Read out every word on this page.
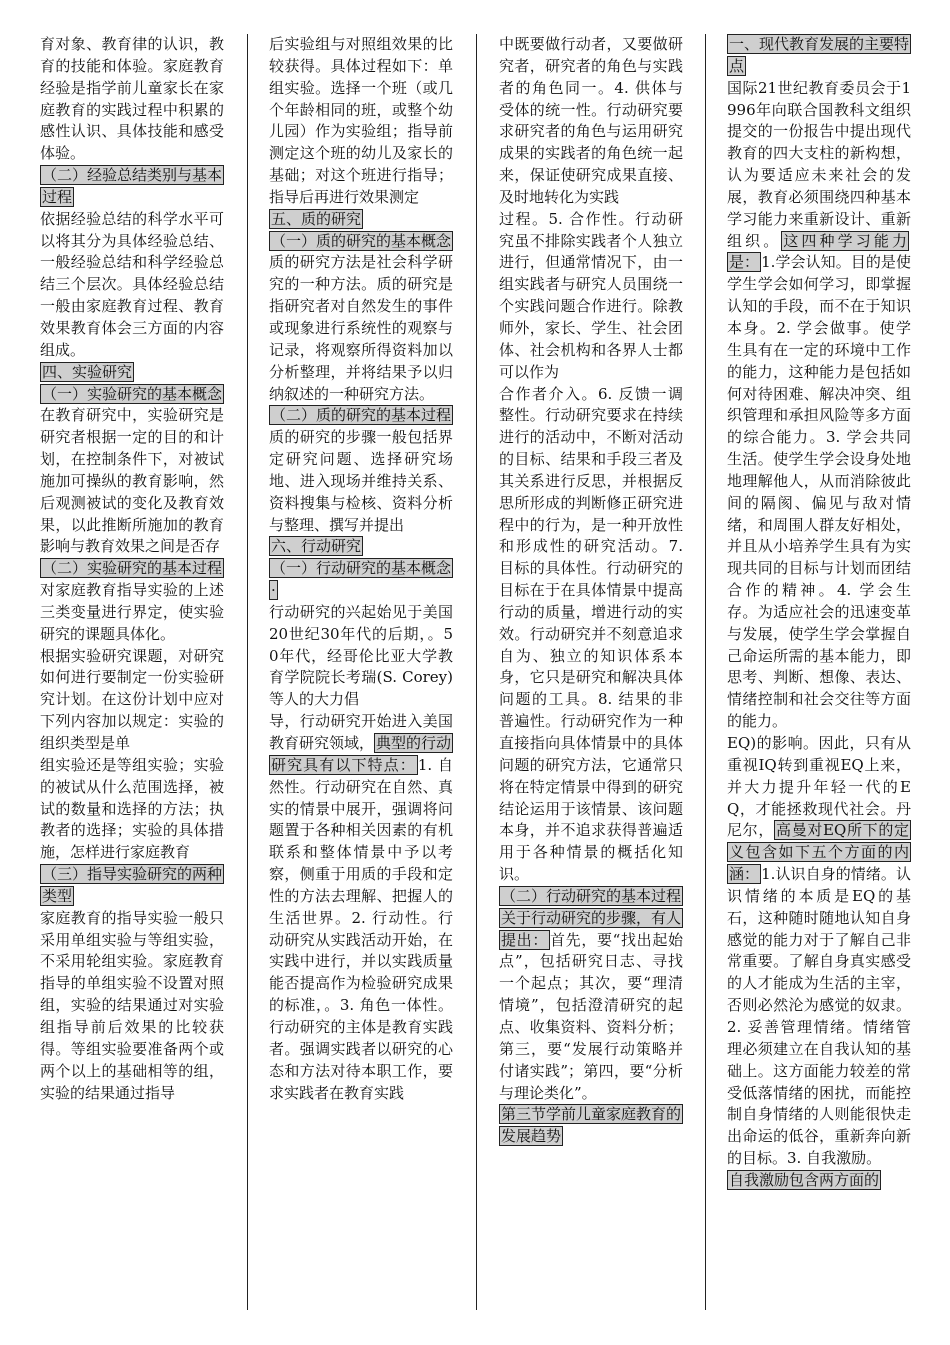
育对象、教育律的认识，教育的技能和体验。家庭教育经验是指学前儿童家长在家庭教育的实践过程中积累的感性认识、具体技能和感受体验。

（二）经验总结类别与基本过程

依据经验总结的科学水平可以将其分为具体经验总结、一般经验总结和科学经验总结三个层次。具体经验总结一般由家庭教育过程、教育效果教育体会三方面的内容组成。

四、实验研究

（一）实验研究的基本概念

在教育研究中，实验研究是研究者根据一定的目的和计划，在控制条件下，对被试施加可操纵的教育影响，然后观测被试的变化及教育效果，以此推断所施加的教育影响与教育效果之间是否存

（二）实验研究的基本过程

对家庭教育指导实验的上述三类变量进行界定，使实验研究的课题具体化。

根据实验研究课题，对研究如何进行要制定一份实验研究计划。在这份计划中应对下列内容加以规定：实验的组织类型是单

组实验还是等组实验；实验的被试从什么范围选择，被试的数量和选择的方法；执教者的选择；实验的具体措施，怎样进行家庭教育

（三）指导实验研究的两种类型

家庭教育的指导实验一般只采用单组实验与等组实验，不采用轮组实验。家庭教育指导的单组实验不设置对照组，实验的结果通过对实验组指导前后效果的比较获得。等组实验要准备两个或两个以上的基础相等的组，实验的结果通过指导

后实验组与对照组效果的比较获得。具体过程如下：单组实验。选择一个班（或几个年龄相同的班，或整个幼儿园）作为实验组；指导前测定这个班的幼儿及家长的基础；对这个班进行指导；指导后再进行效果测定

五、质的研究

（一）质的研究的基本概念

质的研究方法是社会科学研究的一种方法。质的研究是指研究者对自然发生的事件或现象进行系统性的观察与记录，将观察所得资料加以分析整理，并将结果予以归纳叙述的一种研究方法。

（二）质的研究的基本过程

质的研究的步骤一般包括界定研究问题、选择研究场地、进入现场并维持关系、资料搜集与检核、资料分析与整理、撰写并提出

六、行动研究

（一）行动研究的基本概念·

行动研究的兴起始见于美国20世纪30年代的后期，。50年代，经哥伦比亚大学教育学院院长考瑞(S. Corey)等人的大力倡

导，行动研究开始进入美国教育研究领域， 典型的行动研究具有以下特点： 1. 自然性。行动研究在自然、真实的情景中展开，强调将问题置于各种相关因素的有机联系和整体情景中予以考察，侧重于用质的手段和定性的方法去理解、把握人的生活世界。2. 行动性。行动研究从实践活动开始，在实践中进行，并以实践质量能否提高作为检验研究成果的标准，。3. 角色一体性。行动研究的主体是教育实践者。强调实践者以研究的心态和方法对待本职工作，要求实践者在教育实践

中既要做行动者，又要做研究者，研究者的角色与实践者的角色同一。4. 供体与受体的统一性。行动研究要求研究者的角色与运用研究成果的实践者的角色统一起来，保证使研究成果直接、及时地转化为实践

过程。5. 合作性。行动研究虽不排除实践者个人独立进行，但通常情况下，由一组实践者与研究人员围绕一个实践问题合作进行。除教师外，家长、学生、社会团体、社会机构和各界人士都可以作为

合作者介入。6. 反馈一调整性。行动研究要求在持续进行的活动中，不断对活动的目标、结果和手段三者及其关系进行反思，并根据反思所形成的判断修正研究进程中的行为，是一种开放性和形成性的研究活动。7. 目标的具体性。行动研究的目标在于在具体情景中提高行动的质量，增进行动的实效。行动研究并不刻意追求自为、独立的知识体系本身，它只是研究和解决具体问题的工具。8. 结果的非普遍性。行动研究作为一种直接指向具体情景中的具体问题的研究方法，它通常只将在特定情景中得到的研究结论运用于该情景、该问题本身，并不追求获得普遍适用于各种情景的概括化知识。

（二）行动研究的基本过程

关于行动研究的步骤，有人提出： 首先，要“找出起始点”，包括研究日志、寻找一个起点；其次，要“理清情境”，包括澄清研究的起点、收集资料、资料分析；第三，要“发展行动策略并付诸实践”；第四，要“分析与理论类化”。

第三节学前儿童家庭教育的发展趋势

一、现代教育发展的主要特点

国际21世纪教育委员会于1996年向联合国教科文组织提交的一份报告中提出现代教育的四大支柱的新构想，认为要适应未来社会的发展，教育必须围绕四种基本学习能力来重新设计、重新组织。 这四种学习能力是： 1.学会认知。目的是使学生学会如何学习，即掌握认知的手段，而不在于知识本身。2. 学会做事。使学生具有在一定的环境中工作的能力，这种能力是包括如何对待困难、解决冲突、组织管理和承担风险等多方面的综合能力。3. 学会共同生活。使学生学会设身处地地理解他人，从而消除彼此间的隔阂、偏见与敌对情绪，和周围人群友好相处，并且从小培养学生具有为实现共同的目标与计划而团结合作的精神。4. 学会生存。为适应社会的迅速变革与发展，使学生学会掌握自己命运所需的基本能力，即思考、判断、想像、表达、情绪控制和社会交往等方面的能力。

EQ)的影响。因此，只有从重视IQ转到重视EQ上来，并大力提升年轻一代的EQ，才能拯救现代社会。丹尼尔， 高曼对EQ所下的定义包含如下五个方面的内涵： 1.认识自身的情绪。认识情绪的本质是EQ的基石，这种随时随地认知自身感觉的能力对于了解自己非常重要。了解自身真实感受的人才能成为生活的主宰，否则必然沦为感觉的奴隶。2. 妥善管理情绪。情绪管理必须建立在自我认知的基础上。这方面能力较差的常受低落情绪的困扰，而能控制自身情绪的人则能很快走出命运的低谷，重新奔向新的目标。3. 自我激励。

自我激励包含两方面的
